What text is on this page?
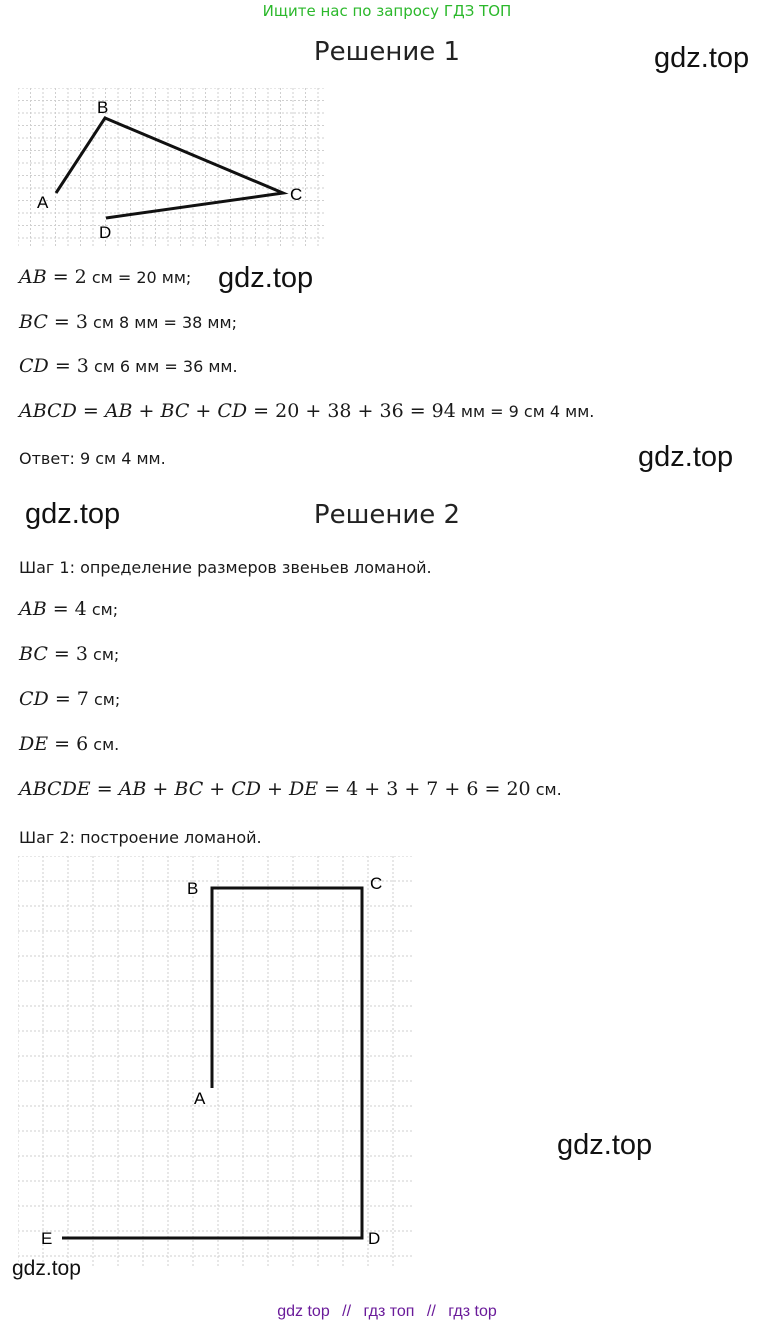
Ищите нас по запросу ГДЗ ТОП
Решение 1	gdz.top
A
B
C
D
AB = 2 см = 20 мм; gdz.top
BC = 3 см 8 мм = 38 мм;
CD = 3 см 6 мм = 36 мм.
ABCD = AB + BC + CD = 20 + 38 + 36 = 94 мм = 9 см 4 мм.
Ответ: 9 см 4 мм.	gdz.top
gdz.top	Решение 2
Шаг 1: определение размеров звеньев ломаной.
AB = 4 см;
BC = 3 см;
CD = 7 см;
DE = 6 см.
ABCDE = AB + BC + CD + DE = 4 + 3 + 7 + 6 = 20 см.
Шаг 2: построение ломаной.
A
B	C
D
E
gdz.top
gdz.top
gdz top // гдз топ // гдз top
